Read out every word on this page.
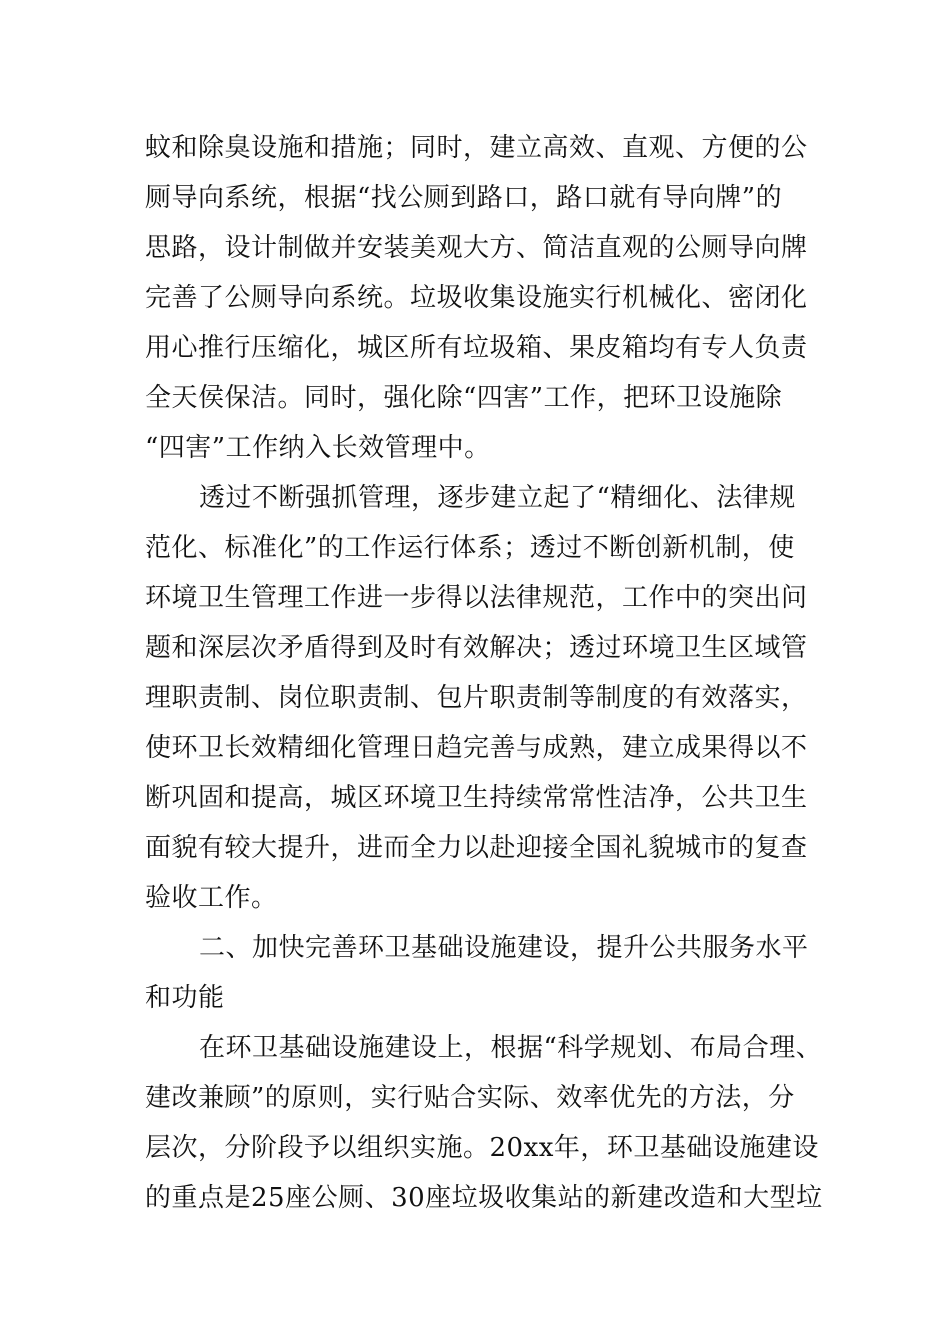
蚊和除臭设施和措施；同时，建立高效、直观、方便的公
厕导向系统，根据“找公厕到路口，路口就有导向牌”的
思路，设计制做并安装美观大方、简洁直观的公厕导向牌
完善了公厕导向系统。垃圾收集设施实行机械化、密闭化
用心推行压缩化，城区所有垃圾箱、果皮箱均有专人负责
全天侯保洁。同时，强化除“四害”工作，把环卫设施除
“四害”工作纳入长效管理中。
透过不断强抓管理，逐步建立起了“精细化、法律规
范化、标准化”的工作运行体系；透过不断创新机制，使
环境卫生管理工作进一步得以法律规范，工作中的突出问
题和深层次矛盾得到及时有效解决；透过环境卫生区域管
理职责制、岗位职责制、包片职责制等制度的有效落实，
使环卫长效精细化管理日趋完善与成熟，建立成果得以不
断巩固和提高，城区环境卫生持续常常性洁净，公共卫生
面貌有较大提升，进而全力以赴迎接全国礼貌城市的复查
验收工作。
二、加快完善环卫基础设施建设，提升公共服务水平
和功能
在环卫基础设施建设上，根据“科学规划、布局合理、
建改兼顾”的原则，实行贴合实际、效率优先的方法，分
层次，分阶段予以组织实施。20xx年，环卫基础设施建设
的重点是25座公厕、30座垃圾收集站的新建改造和大型垃
